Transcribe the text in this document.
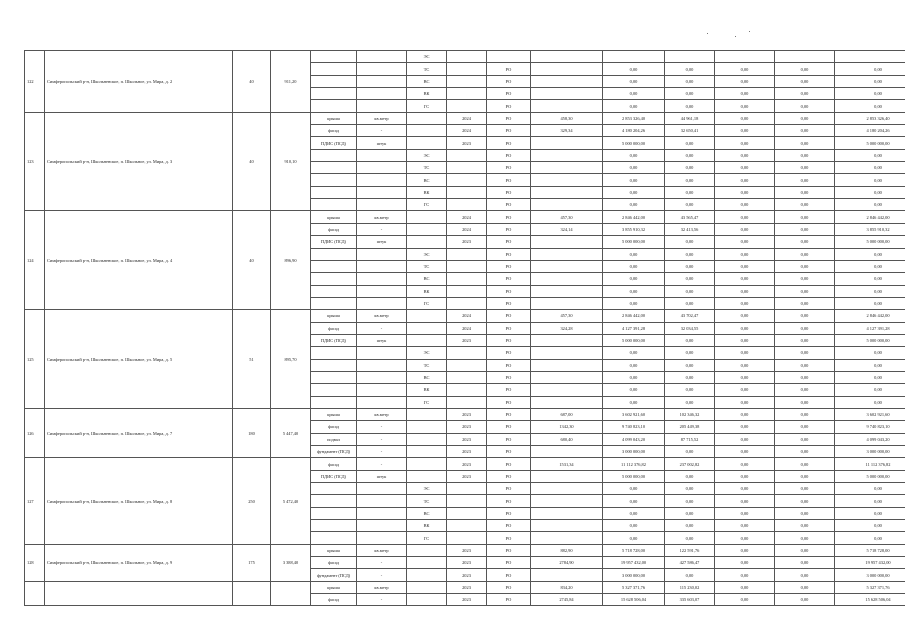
122	Симферопольский р-н, Школьненское, п. Школьное, ул. Мира, д. 2	40	911,20			ЭС								
						ТС		РО		0,00	0,00	0,00	0,00	0,00
						ВС		РО		0,00	0,00	0,00	0,00	0,00
						ВК		РО		0,00	0,00	0,00	0,00	0,00
						ГС		РО		0,00	0,00	0,00	0,00	0,00
123	Симферопольский р-н, Школьненское, п. Школьное, ул. Мира, д. 3	40	910,10	крыша	кв.метр		2024	РО	458,30	2 853 326,40	44 961,18	0,00	0,00	2 853 326,40
				фасад	-		2024	РО	329,34	4 180 204,26	32 650,41	0,00	0,00	4 180 204,26
				ПДИС (ПСД)	штук		2023	РО		5 000 000,00	0,00	0,00	0,00	5 000 000,00
						ЭС		РО		0,00	0,00	0,00	0,00	0,00
						ТС		РО		0,00	0,00	0,00	0,00	0,00
						ВС		РО		0,00	0,00	0,00	0,00	0,00
						ВК		РО		0,00	0,00	0,00	0,00	0,00
						ГС		РО		0,00	0,00	0,00	0,00	0,00
124	Симферопольский р-н, Школьненское, п. Школьное, ул. Мира, д. 4	40	896,90	крыша	кв.метр		2024	РО	457,30	2 846 442,00	43 565,47	0,00	0,00	2 846 442,00
				фасад	-		2024	РО	324,14	3 855 910,32	32 413,56	0,00	0,00	3 855 910,32
				ПДИС (ПСД)	штук		2023	РО		5 000 000,00	0,00	0,00	0,00	5 000 000,00
						ЭС		РО		0,00	0,00	0,00	0,00	0,00
						ТС		РО		0,00	0,00	0,00	0,00	0,00
						ВС		РО		0,00	0,00	0,00	0,00	0,00
						ВК		РО		0,00	0,00	0,00	0,00	0,00
						ГС		РО		0,00	0,00	0,00	0,00	0,00
125	Симферопольский р-н, Школьненское, п. Школьное, ул. Мира, д. 5	51	895,70	крыша	кв.метр		2024	РО	457,30	2 846 442,00	43 702,47	0,00	0,00	2 846 442,00
				фасад	-		2024	РО	324,28	4 127 391,28	32 034,55	0,00	0,00	4 127 391,28
				ПДИС (ПСД)	штук		2023	РО		5 000 000,00	0,00	0,00	0,00	5 000 000,00
						ЭС		РО		0,00	0,00	0,00	0,00	0,00
						ТС		РО		0,00	0,00	0,00	0,00	0,00
						ВС		РО		0,00	0,00	0,00	0,00	0,00
						ВК		РО		0,00	0,00	0,00	0,00	0,00
						ГС		РО		0,00	0,00	0,00	0,00	0,00
126	Симферопольский р-н, Школьненское, п. Школьное, ул. Мира, д. 7	180	5 447,40	крыша	кв.метр		2023	РО	687,00	3 602 921,60	102 346,32	0,00	0,00	3 602 921,60
				фасад	-		2023	РО	1342,30	9 740 823,10	205 449,38	0,00	0,00	9 740 823,10
				подвал	-		2023	РО	680,40	4 099 043,20	87 715,52	0,00	0,00	4 099 043,20
				фундамент (ПСД)	-		2023	РО		3 000 000,00	0,00	0,00	0,00	3 000 000,00
127	Симферопольский р-н, Школьненское, п. Школьное, ул. Мира, д. 8	250	5 472,40	фасад	-		2023	РО	1531,34	11 112 376,82	237 002,82	0,00	0,00	11 112 376,82
				ПДИС (ПСД)	штук		2023	РО		5 000 000,00	0,00	0,00	0,00	5 000 000,00
						ЭС		РО		0,00	0,00	0,00	0,00	0,00
						ТС		РО		0,00	0,00	0,00	0,00	0,00
						ВС		РО		0,00	0,00	0,00	0,00	0,00
						ВК		РО		0,00	0,00	0,00	0,00	0,00
						ГС		РО		0,00	0,00	0,00	0,00	0,00
128	Симферопольский р-н, Школьненское, п. Школьное, ул. Мира, д. 9	175	3 388,40	крыша	кв.метр		2023	РО	882,90	5 718 728,00	122 591,76	0,00	0,00	5 718 728,00
				фасад	-		2023	РО	2784,90	19 957 432,00	427 586,47	0,00	0,00	19 957 432,00
				фундамент (ПСД)	-		2023	РО		3 000 000,00	0,00	0,00	0,00	3 000 000,00
				крыша	кв.метр		2023	РО	834,20	5 327 371,76	115 230,02	0,00	0,00	5 327 371,76
				фасад	-		2023	РО	2745,84	15 628 506,04	335 603,07	0,00	0,00	15 628 506,04
